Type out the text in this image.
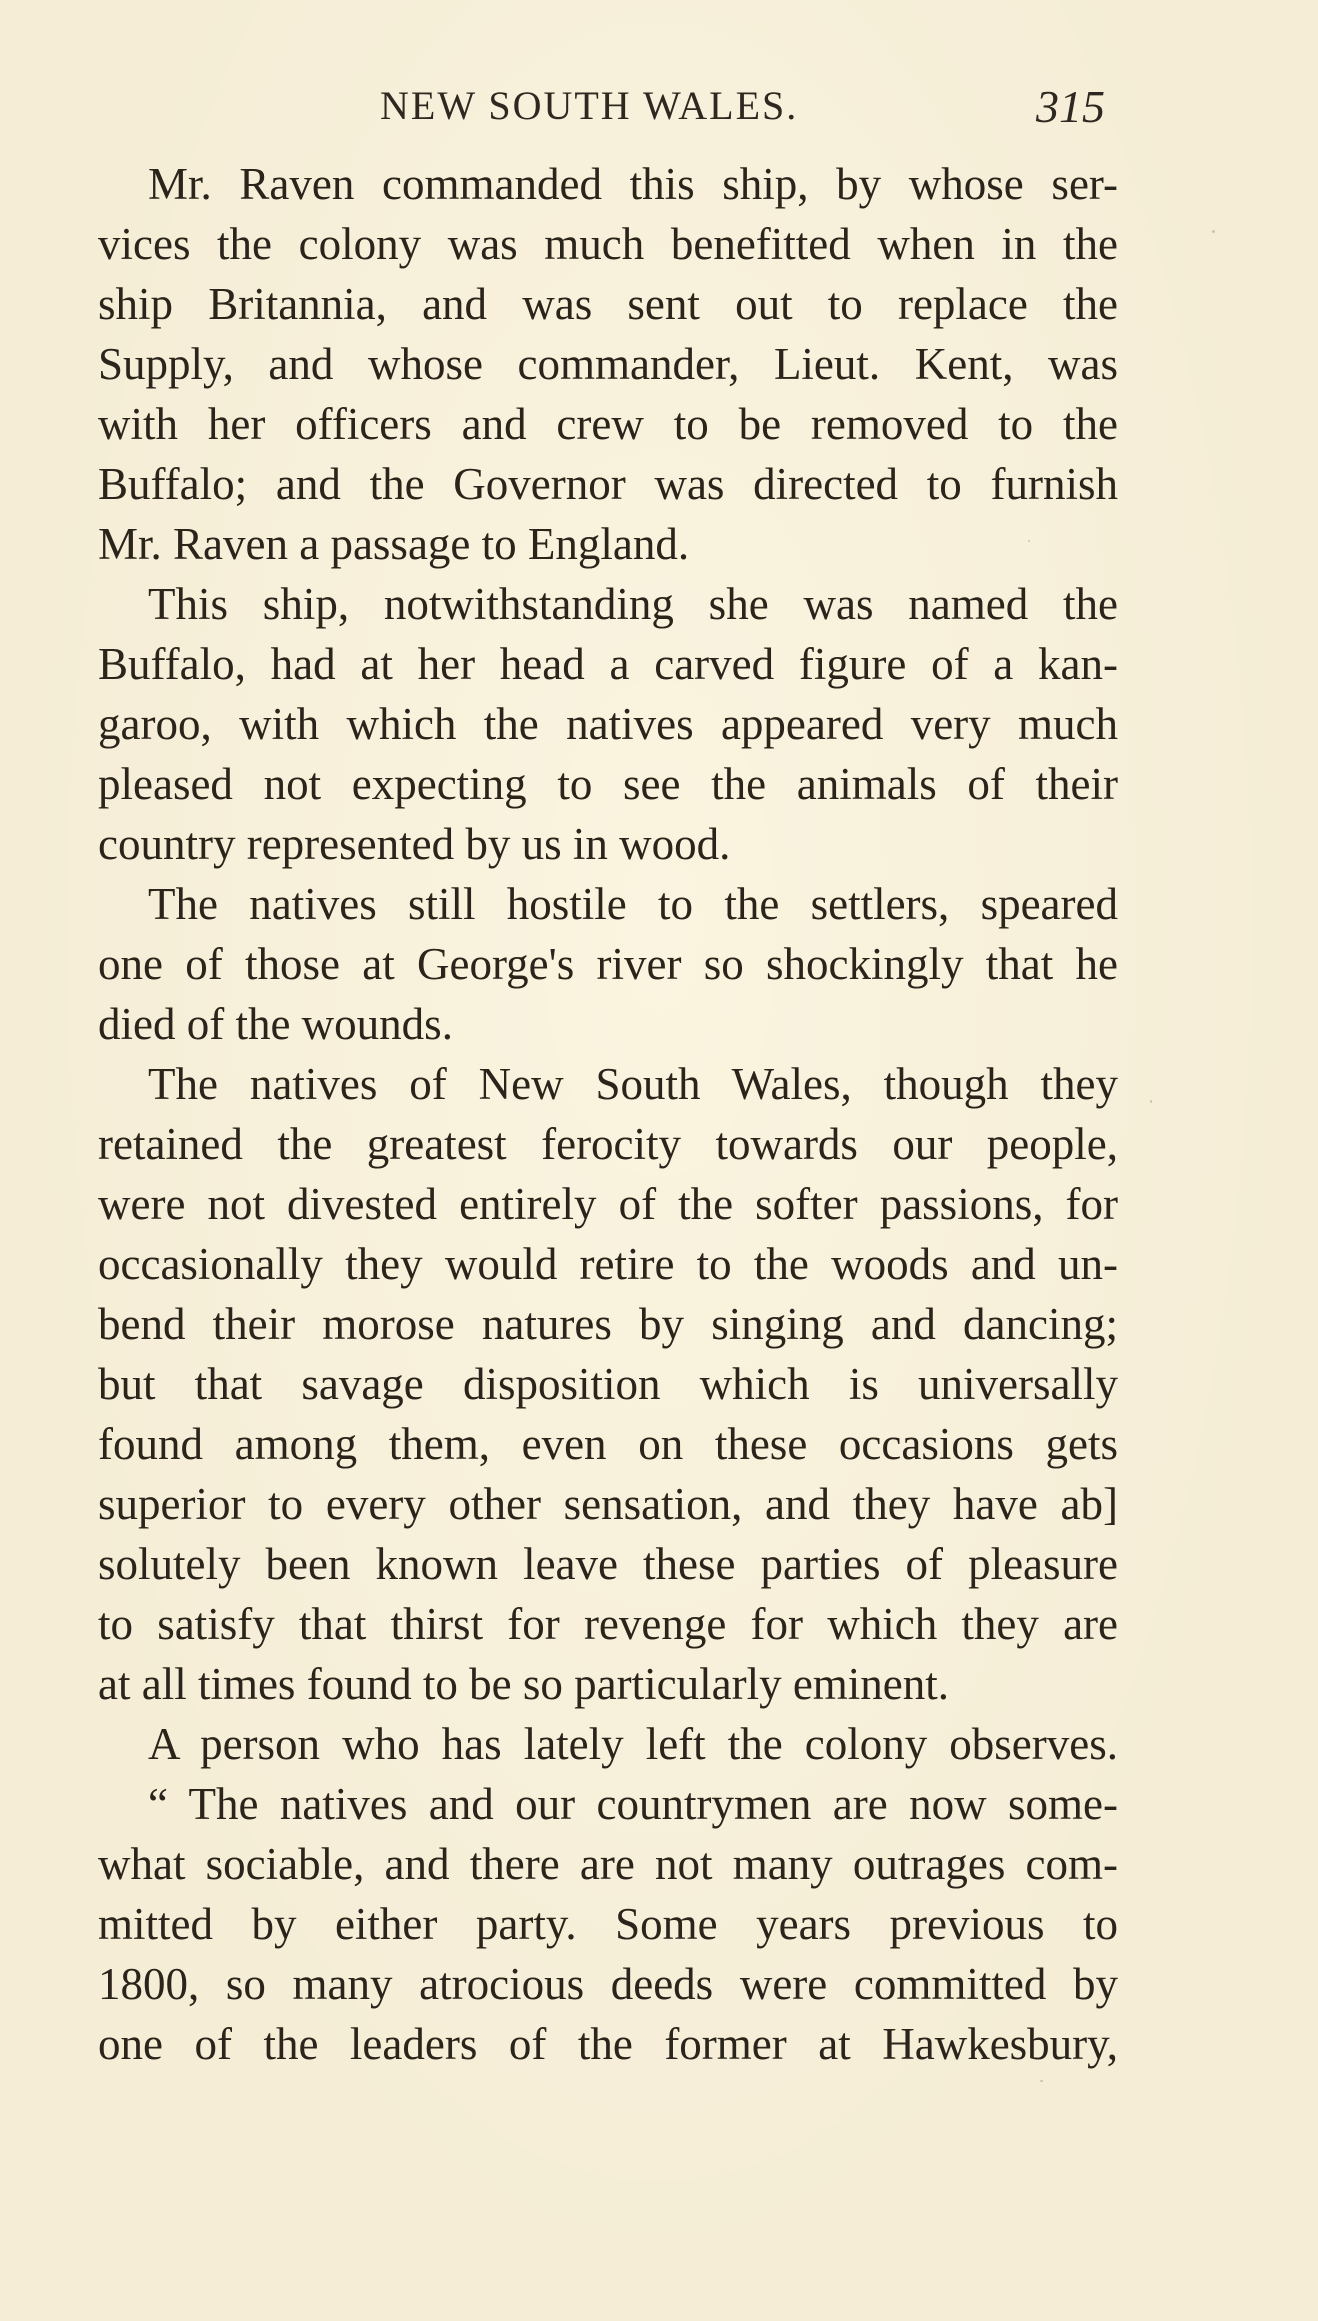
NEW SOUTH WALES.	315
Mr. Raven commanded this ship, by whose ser-
vices the colony was much benefitted when in the
ship Britannia, and was sent out to replace the
Supply, and whose commander, Lieut. Kent, was
with her officers and crew to be removed to the
Buffalo; and the Governor was directed to furnish
Mr. Raven a passage to England.
This ship, notwithstanding she was named the
Buffalo, had at her head a carved figure of a kan-
garoo, with which the natives appeared very much
pleased not expecting to see the animals of their
country represented by us in wood.
The natives still hostile to the settlers, speared
one of those at George's river so shockingly that he
died of the wounds.
The natives of New South Wales, though they
retained the greatest ferocity towards our people,
were not divested entirely of the softer passions, for
occasionally they would retire to the woods and un-
bend their morose natures by singing and dancing;
but that savage disposition which is universally
found among them, even on these occasions gets
superior to every other sensation, and they have ab]
solutely been known leave these parties of pleasure
to satisfy that thirst for revenge for which they are
at all times found to be so particularly eminent.
A person who has lately left the colony observes.
“ The natives and our countrymen are now some-
what sociable, and there are not many outrages com-
mitted by either party. Some years previous to
1800, so many atrocious deeds were committed by
one of the leaders of the former at Hawkesbury,
